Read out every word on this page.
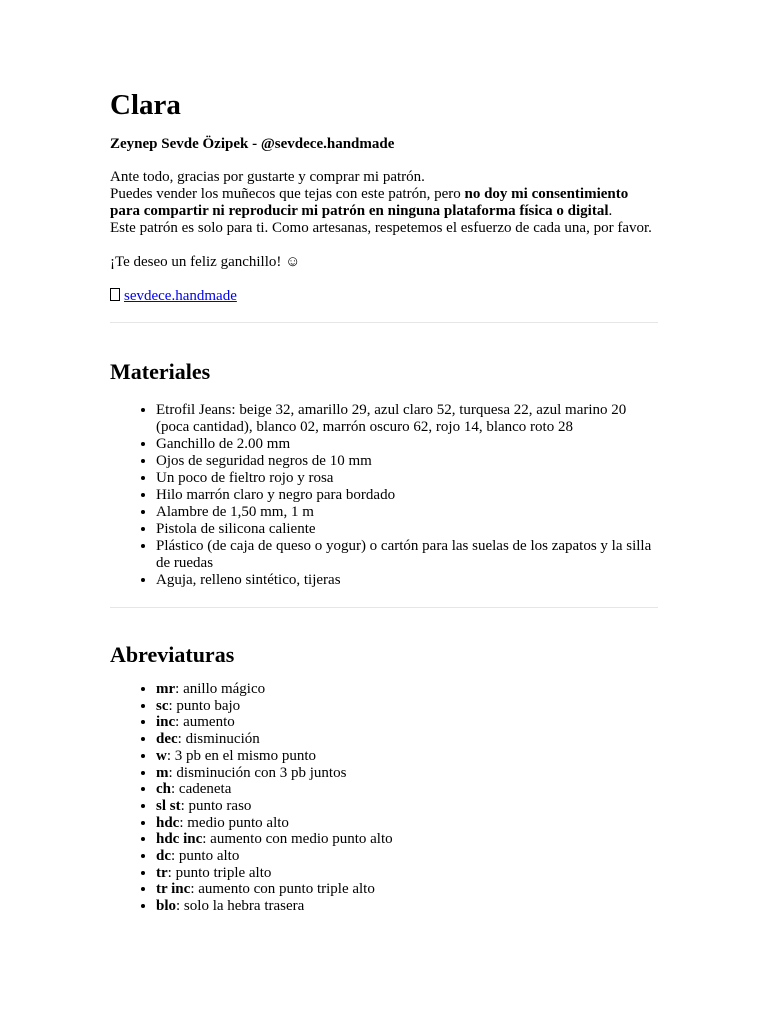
Clara

Zeynep Sevde Özipek - @sevdece.handmade

Ante todo, gracias por gustarte y comprar mi patrón.

Puedes vender los muñecos que tejas con este patrón, pero no doy mi consentimiento para compartir ni reproducir mi patrón en ninguna plataforma física o digital.

Este patrón es solo para ti. Como artesanas, respetemos el esfuerzo de cada una, por favor.

¡Te deseo un feliz ganchillo! ☺

sevdece.handmade

Materiales
• Etrofil Jeans: beige 32, amarillo 29, azul claro 52, turquesa 22, azul marino 20 (poca cantidad), blanco 02, marrón oscuro 62, rojo 14, blanco roto 28
• Ganchillo de 2.00 mm
• Ojos de seguridad negros de 10 mm
• Un poco de fieltro rojo y rosa
• Hilo marrón claro y negro para bordado
• Alambre de 1,50 mm, 1 m
• Pistola de silicona caliente
• Plástico (de caja de queso o yogur) o cartón para las suelas de los zapatos y la silla de ruedas
• Aguja, relleno sintético, tijeras
Abreviaturas
• mr: anillo mágico
• sc: punto bajo
• inc: aumento
• dec: disminución
• w: 3 pb en el mismo punto
• m: disminución con 3 pb juntos
• ch: cadeneta
• sl st: punto raso
• hdc: medio punto alto
• hdc inc: aumento con medio punto alto
• dc: punto alto
• tr: punto triple alto
• tr inc: aumento con punto triple alto
• blo: solo la hebra trasera
